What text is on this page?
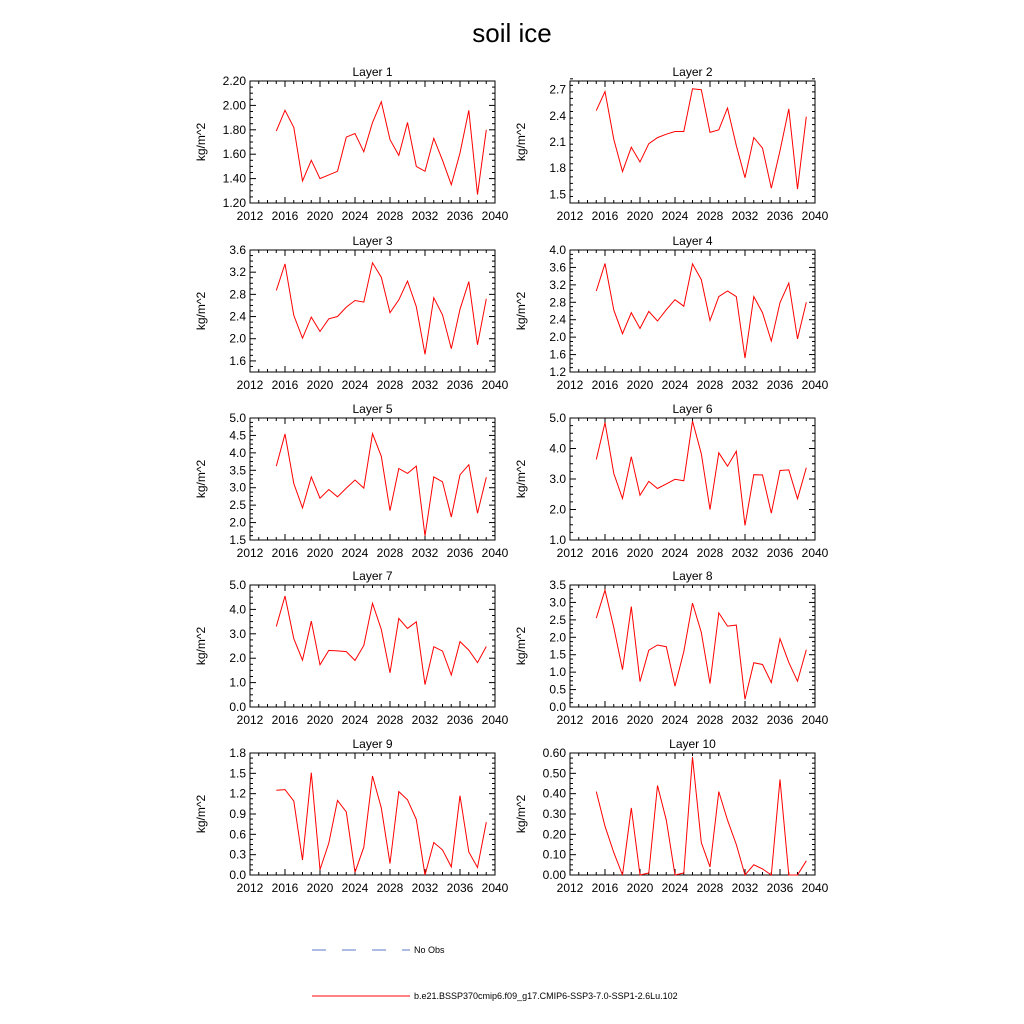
soil ice
Layer 1
kg/m^2
2012 2016 2020 2024 2028 2032 2036 2040
1.20
1.40
1.60
1.80
2.00
2.20
Layer 2
kg/m^2
2012 2016 2020 2024 2028 2032 2036 2040
1.5
1.8
2.1
2.4
2.7
Layer 3
kg/m^2
2012 2016 2020 2024 2028 2032 2036 2040
1.6
2.0
2.4
2.8
3.2
3.6
Layer 4
kg/m^2
2012 2016 2020 2024 2028 2032 2036 2040
1.2
1.6
2.0
2.4
2.8
3.2
3.6
4.0
Layer 5
kg/m^2
2012 2016 2020 2024 2028 2032 2036 2040
1.5
2.0
2.5
3.0
3.5
4.0
4.5
5.0
Layer 6
kg/m^2
2012 2016 2020 2024 2028 2032 2036 2040
1.0
2.0
3.0
4.0
5.0
Layer 7
kg/m^2
2012 2016 2020 2024 2028 2032 2036 2040
0.0
1.0
2.0
3.0
4.0
5.0
Layer 8
kg/m^2
2012 2016 2020 2024 2028 2032 2036 2040
0.0
0.5
1.0
1.5
2.0
2.5
3.0
3.5
Layer 9
kg/m^2
2012 2016 2020 2024 2028 2032 2036 2040
0.0
0.3
0.6
0.9
1.2
1.5
1.8
Layer 10
kg/m^2
2012 2016 2020 2024 2028 2032 2036 2040
0.00
0.10
0.20
0.30
0.40
0.50
0.60
No Obs
b.e21.BSSP370cmip6.f09_g17.CMIP6-SSP3-7.0-SSP1-2.6Lu.102
